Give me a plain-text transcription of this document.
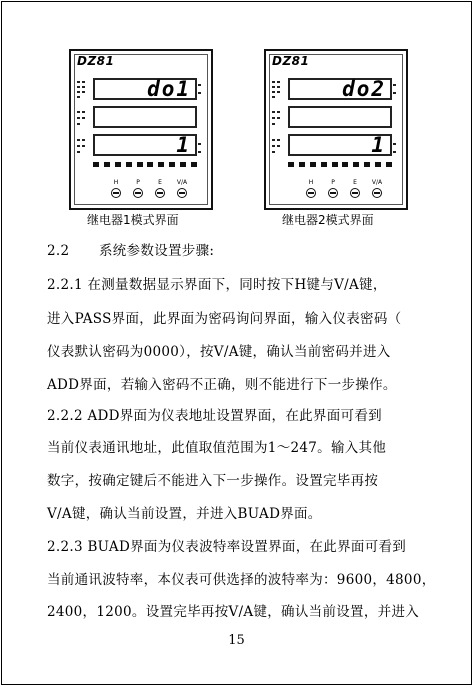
DZ81
do1
1
H	P	E	V/A
继电器1模式界面
DZ81
do2
1
H	P	E	V/A
继电器2模式界面
2.2 系统参数设置步骤:
2.2.1 在测量数据显示界面下，同时按下H键与V/A键，
进入PASS界面，此界面为密码询问界面，输入仪表密码（
仪表默认密码为0000），按V/A键，确认当前密码并进入
ADD界面，若输入密码不正确，则不能进行下一步操作。
2.2.2 ADD界面为仪表地址设置界面，在此界面可看到
当前仪表通讯地址，此值取值范围为1～247。输入其他
数字，按确定键后不能进入下一步操作。设置完毕再按
V/A键，确认当前设置，并进入BUAD界面。
2.2.3 BUAD界面为仪表波特率设置界面，在此界面可看到
当前通讯波特率，本仪表可供选择的波特率为：9600，4800，
2400，1200。设置完毕再按V/A键，确认当前设置，并进入
15
